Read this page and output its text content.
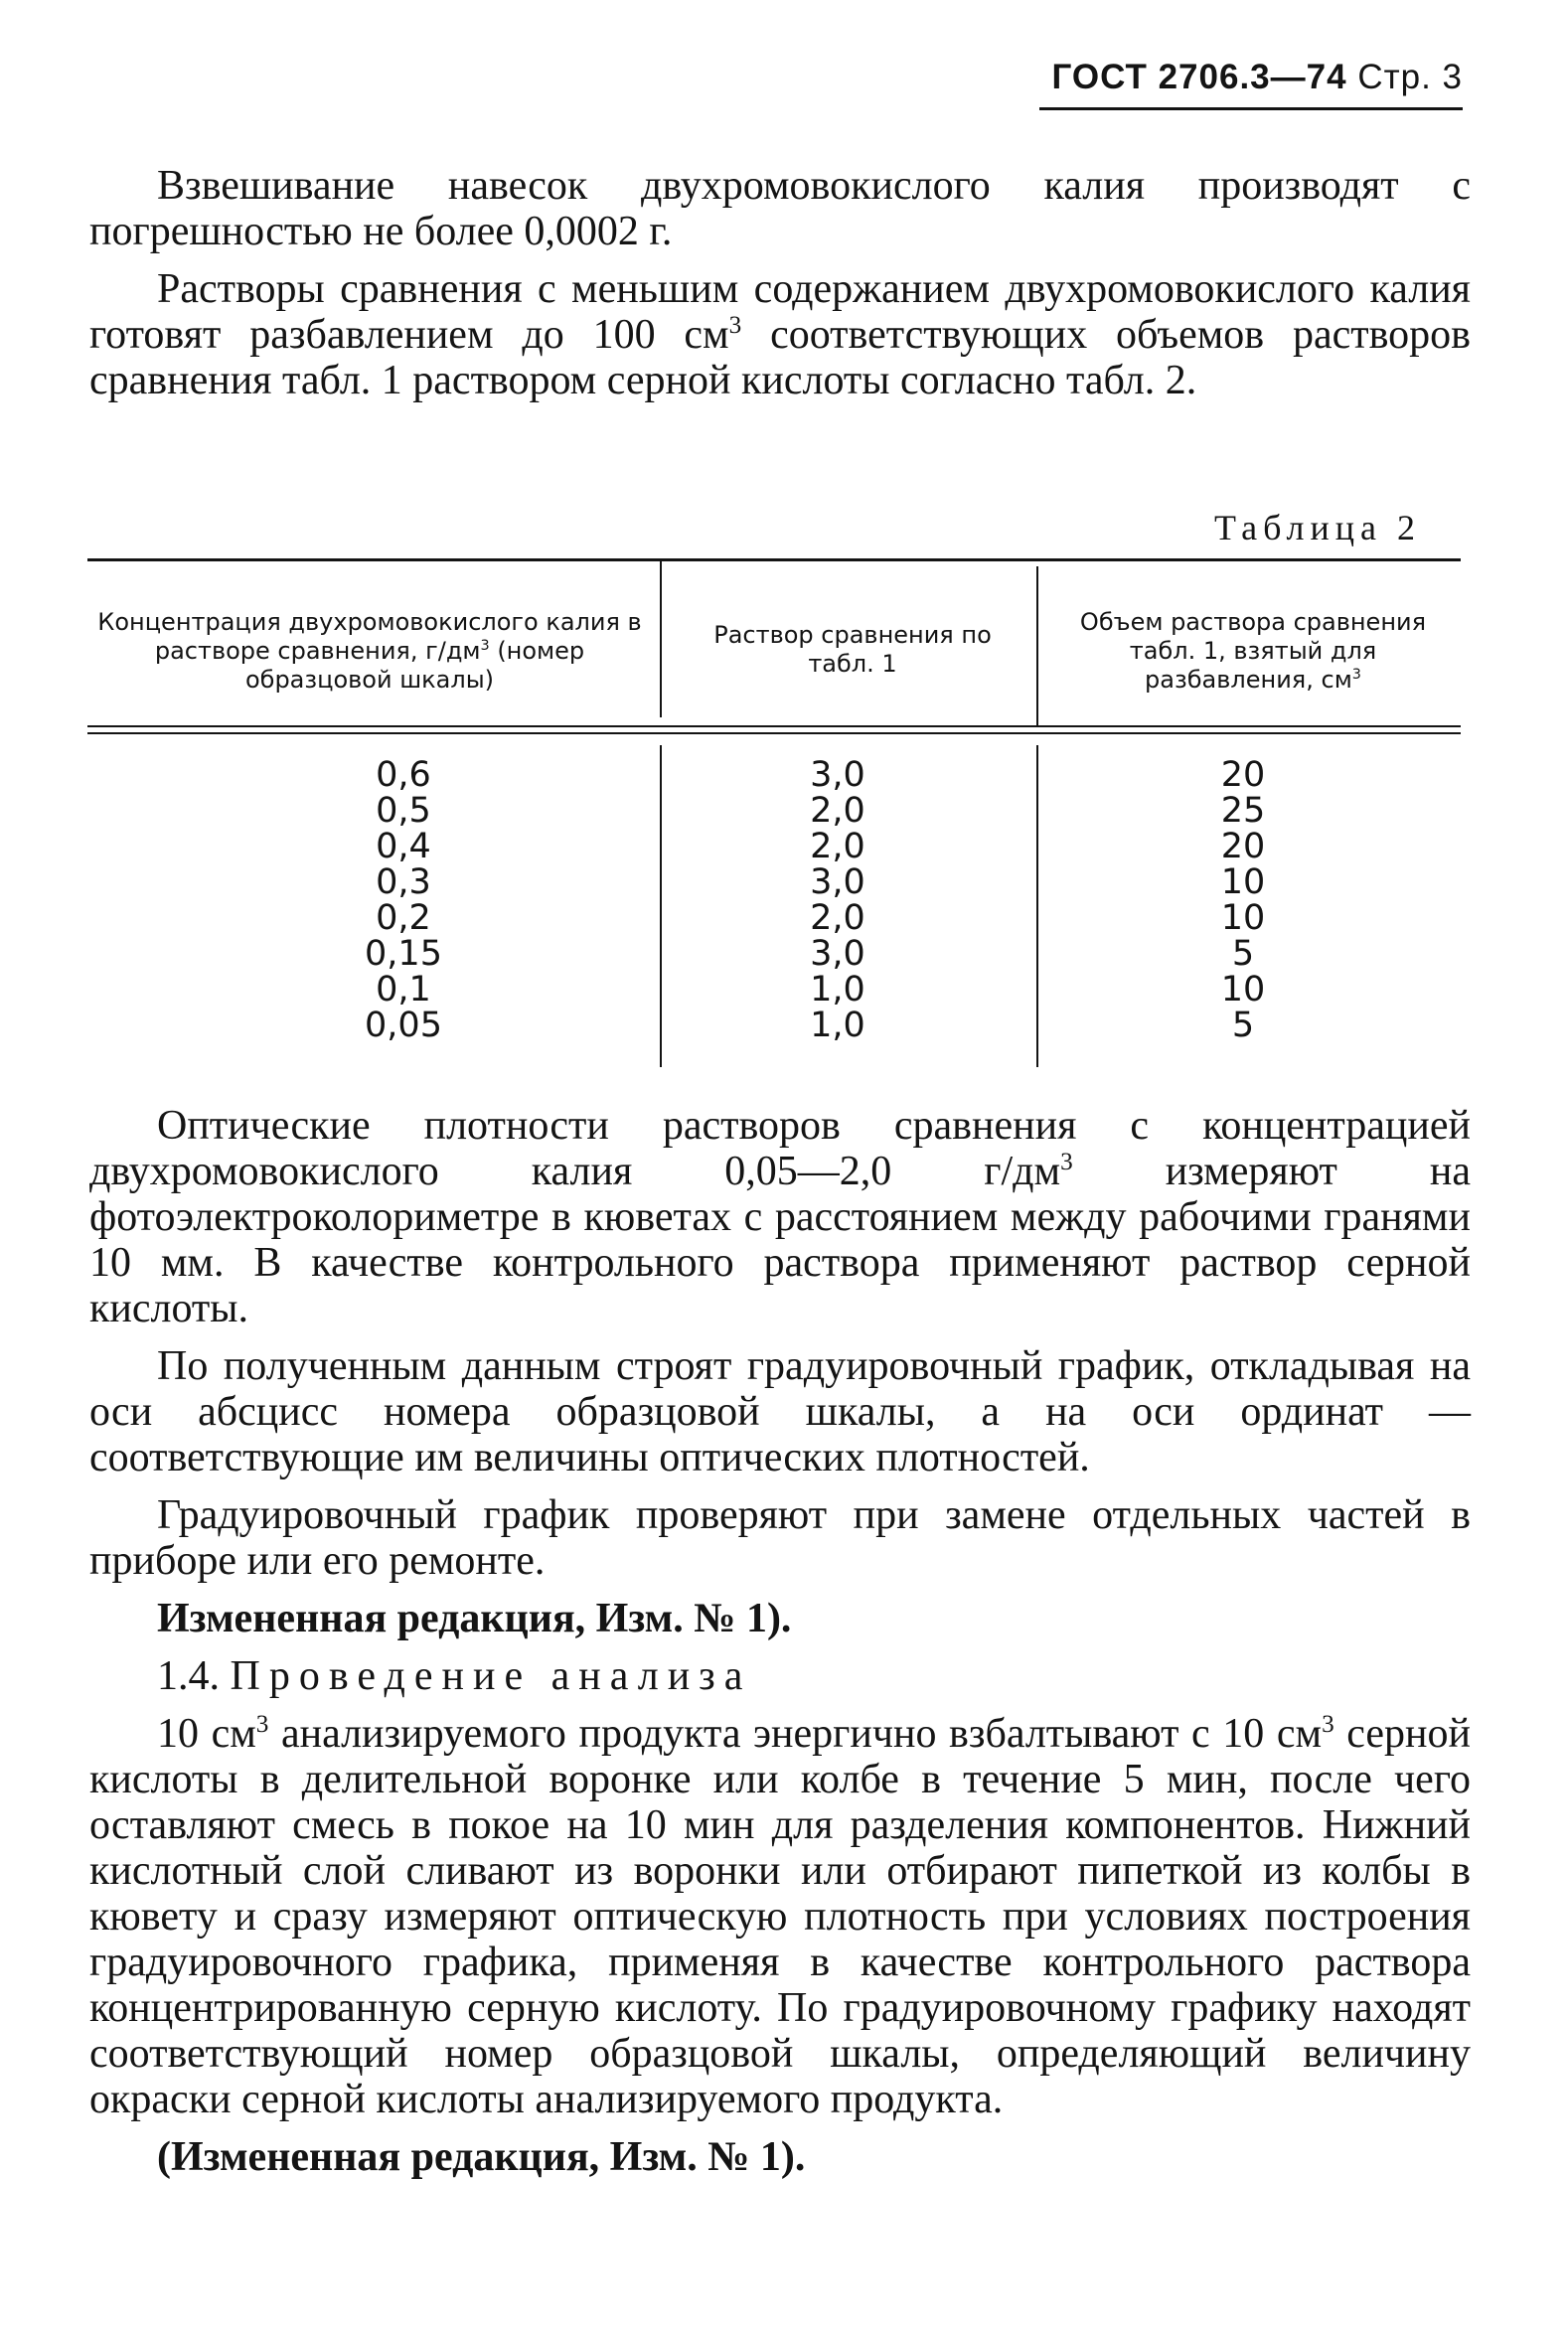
ГОСТ 2706.3—74 Стр. 3

Взвешивание навесок двухромовокислого калия производят с погрешностью не более 0,0002 г.

Растворы сравнения с меньшим содержанием двухромовокислого калия готовят разбавлением до 100 $см^3$ соответствующих объемов растворов сравнения табл. 1 раствором серной кислоты согласно табл. 2.

Таблица 2
Концентрация двухромовокислого калия в растворе сравнения, $г/дм^3$ (номер образцовой шкалы)
Раствор сравнения по табл. 1
Объем раствора сравнения табл. 1, взятый для разбавления, $см^3$
0,6
0,5
0,4
0,3
0,2
0,15
0,1
0,05
3,0
2,0
2,0
3,0
2,0
3,0
1,0
1,0
20
25
20
10
10
5
10
5

Оптические плотности растворов сравнения с концентрацией двухромовокислого калия 0,05—2,0 $г/дм^3$ измеряют на фотоэлектроколориметре в кюветах с расстоянием между рабочими гранями 10 мм. В качестве контрольного раствора применяют раствор серной кислоты.

По полученным данным строят градуировочный график, откладывая на оси абсцисс номера образцовой шкалы, а на оси ординат — соответствующие им величины оптических плотностей.

Градуировочный график проверяют при замене отдельных частей в приборе или его ремонте.

Измененная редакция, Изм. № 1).

1.4. Проведение анализа

10 $см^3$ анализируемого продукта энергично взбалтывают с 10 $см^3$ серной кислоты в делительной воронке или колбе в течение 5 мин, после чего оставляют смесь в покое на 10 мин для разделения компонентов. Нижний кислотный слой сливают из воронки или отбирают пипеткой из колбы в кювету и сразу измеряют оптическую плотность при условиях построения градуировочного графика, применяя в качестве контрольного раствора концентрированную серную кислоту. По градуировочному графику находят соответствующий номер образцовой шкалы, определяющий величину окраски серной кислоты анализируемого продукта.

(Измененная редакция, Изм. № 1).
